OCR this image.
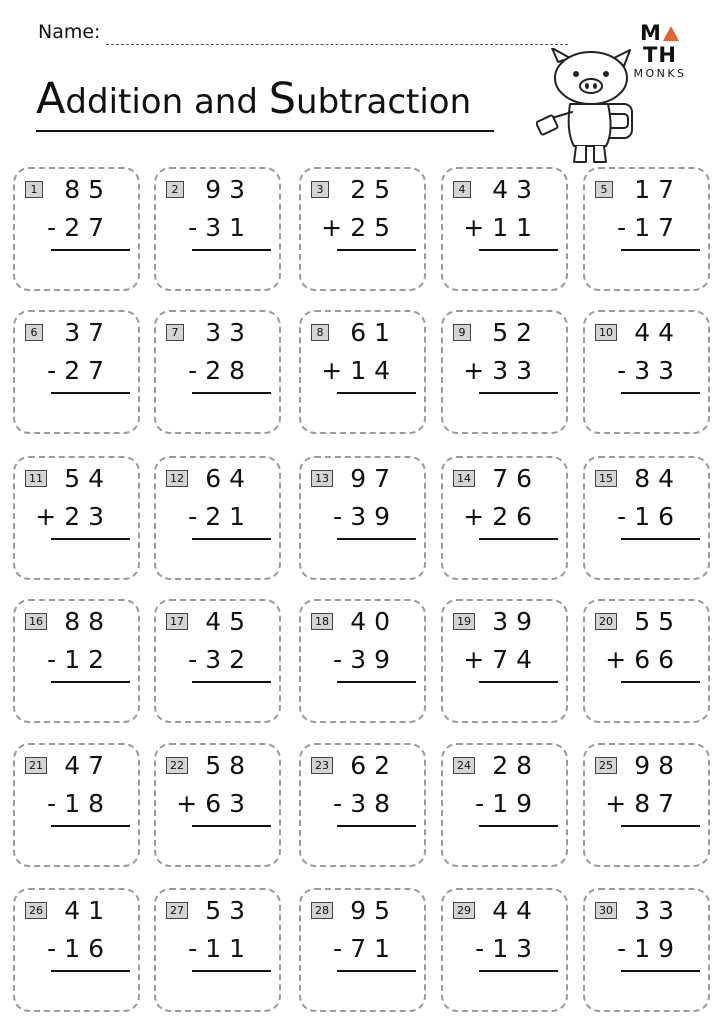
Name:	MTH
MONKS
Addition and Subtraction
1 85
-27
2 93
-31
3 25
+25
4 43
+11
5 17
-17
6 37
-27
7 33
-28
8 61
+14
9 52
+33
10 44
-33
11 54
+23
12 64
-21
13 97
-39
14 76
+26
15 84
-16
16 88
-12
17 45
-32
18 40
-39
19 39
+74
20 55
+66
21 47
-18
22 58
+63
23 62
-38
24 28
-19
25 98
+87
26 41
-16
27 53
-11
28 95
-71
29 44
-13
30 33
-19
